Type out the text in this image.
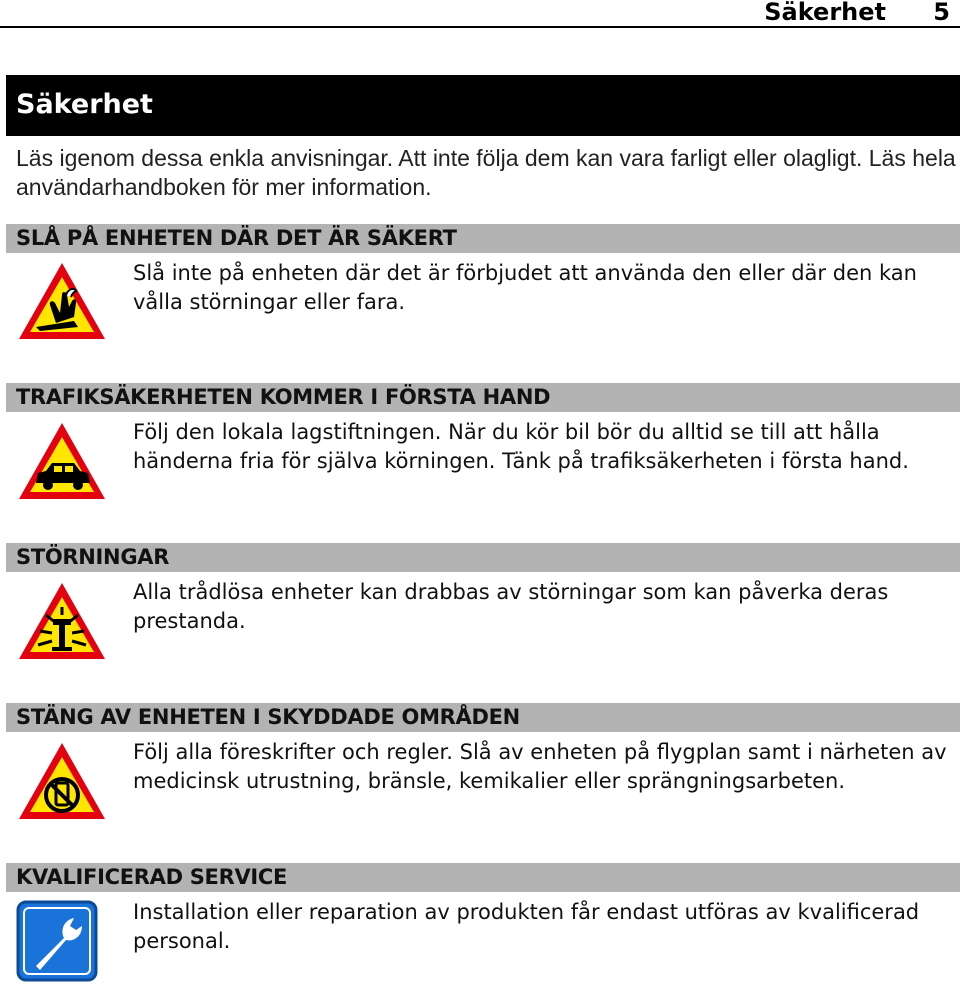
Säkerhet 5
Säkerhet
Läs igenom dessa enkla anvisningar. Att inte följa dem kan vara farligt eller olagligt. Läs hela användarhandboken för mer information.
SLÅ PÅ ENHETEN DÄR DET ÄR SÄKERT
Slå inte på enheten där det är förbjudet att använda den eller där den kan vålla störningar eller fara.
TRAFIKSÄKERHETEN KOMMER I FÖRSTA HAND
Följ den lokala lagstiftningen. När du kör bil bör du alltid se till att hålla händerna fria för själva körningen. Tänk på trafiksäkerheten i första hand.
STÖRNINGAR
Alla trådlösa enheter kan drabbas av störningar som kan påverka deras prestanda.
STÄNG AV ENHETEN I SKYDDADE OMRÅDEN
Följ alla föreskrifter och regler. Slå av enheten på flygplan samt i närheten av medicinsk utrustning, bränsle, kemikalier eller sprängningsarbeten.
KVALIFICERAD SERVICE
Installation eller reparation av produkten får endast utföras av kvalificerad personal.
